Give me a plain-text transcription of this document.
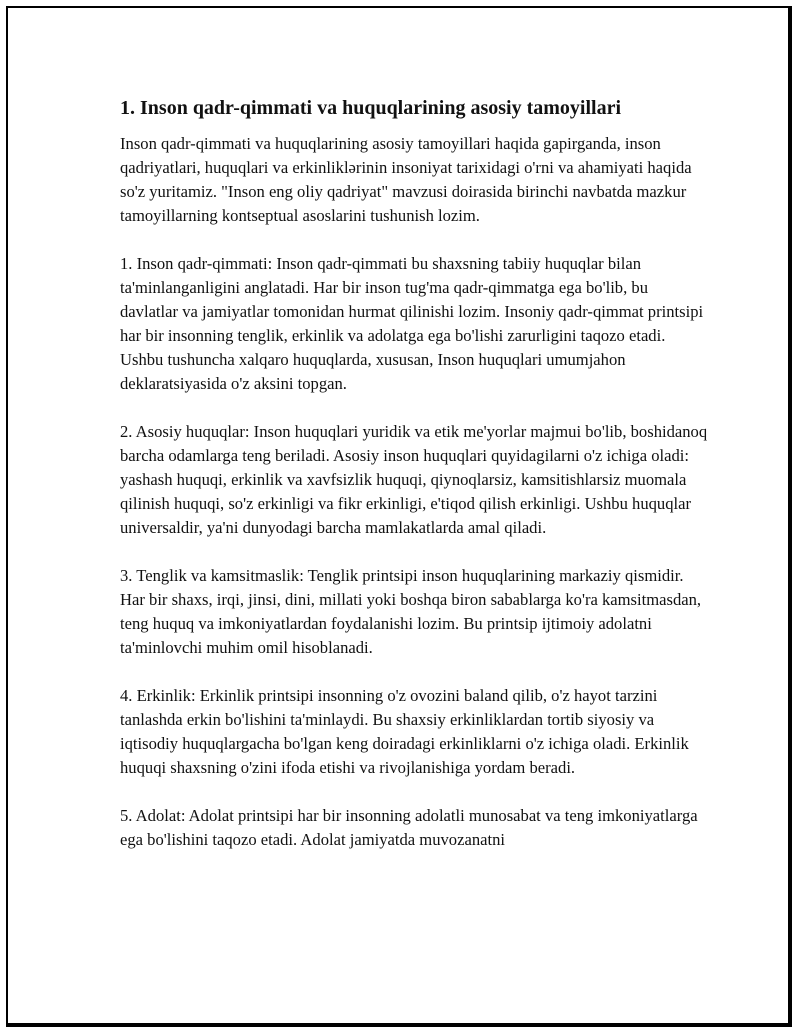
1. Inson qadr-qimmati va huquqlarining asosiy tamoyillari

Inson qadr-qimmati va huquqlarining asosiy tamoyillari haqida gapirganda, inson qadriyatlari, huquqlari va erkinliklərinin insoniyat tarixidagi o'rni va ahamiyati haqida so'z yuritamiz. "Inson eng oliy qadriyat" mavzusi doirasida birinchi navbatda mazkur tamoyillarning kontseptual asoslarini tushunish lozim.

1. Inson qadr-qimmati: Inson qadr-qimmati bu shaxsning tabiiy huquqlar bilan ta'minlanganligini anglatadi. Har bir inson tug'ma qadr-qimmatga ega bo'lib, bu davlatlar va jamiyatlar tomonidan hurmat qilinishi lozim. Insoniy qadr-qimmat printsipi har bir insonning tenglik, erkinlik va adolatga ega bo'lishi zarurligini taqozo etadi. Ushbu tushuncha xalqaro huquqlarda, xususan, Inson huquqlari umumjahon deklaratsiyasida o'z aksini topgan.

2. Asosiy huquqlar: Inson huquqlari yuridik va etik me'yorlar majmui bo'lib, boshidanoq barcha odamlarga teng beriladi. Asosiy inson huquqlari quyidagilarni o'z ichiga oladi: yashash huquqi, erkinlik va xavfsizlik huquqi, qiynoqlarsiz, kamsitishlarsiz muomala qilinish huquqi, so'z erkinligi va fikr erkinligi, e'tiqod qilish erkinligi. Ushbu huquqlar universaldir, ya'ni dunyodagi barcha mamlakatlarda amal qiladi.

3. Tenglik va kamsitmaslik: Tenglik printsipi inson huquqlarining markaziy qismidir. Har bir shaxs, irqi, jinsi, dini, millati yoki boshqa biron sabablarga ko'ra kamsitmasdan, teng huquq va imkoniyatlardan foydalanishi lozim. Bu printsip ijtimoiy adolatni ta'minlovchi muhim omil hisoblanadi.

4. Erkinlik: Erkinlik printsipi insonning o'z ovozini baland qilib, o'z hayot tarzini tanlashda erkin bo'lishini ta'minlaydi. Bu shaxsiy erkinliklardan tortib siyosiy va iqtisodiy huquqlargacha bo'lgan keng doiradagi erkinliklarni o'z ichiga oladi. Erkinlik huquqi shaxsning o'zini ifoda etishi va rivojlanishiga yordam beradi.

5. Adolat: Adolat printsipi har bir insonning adolatli munosabat va teng imkoniyatlarga ega bo'lishini taqozo etadi. Adolat jamiyatda muvozanatni
